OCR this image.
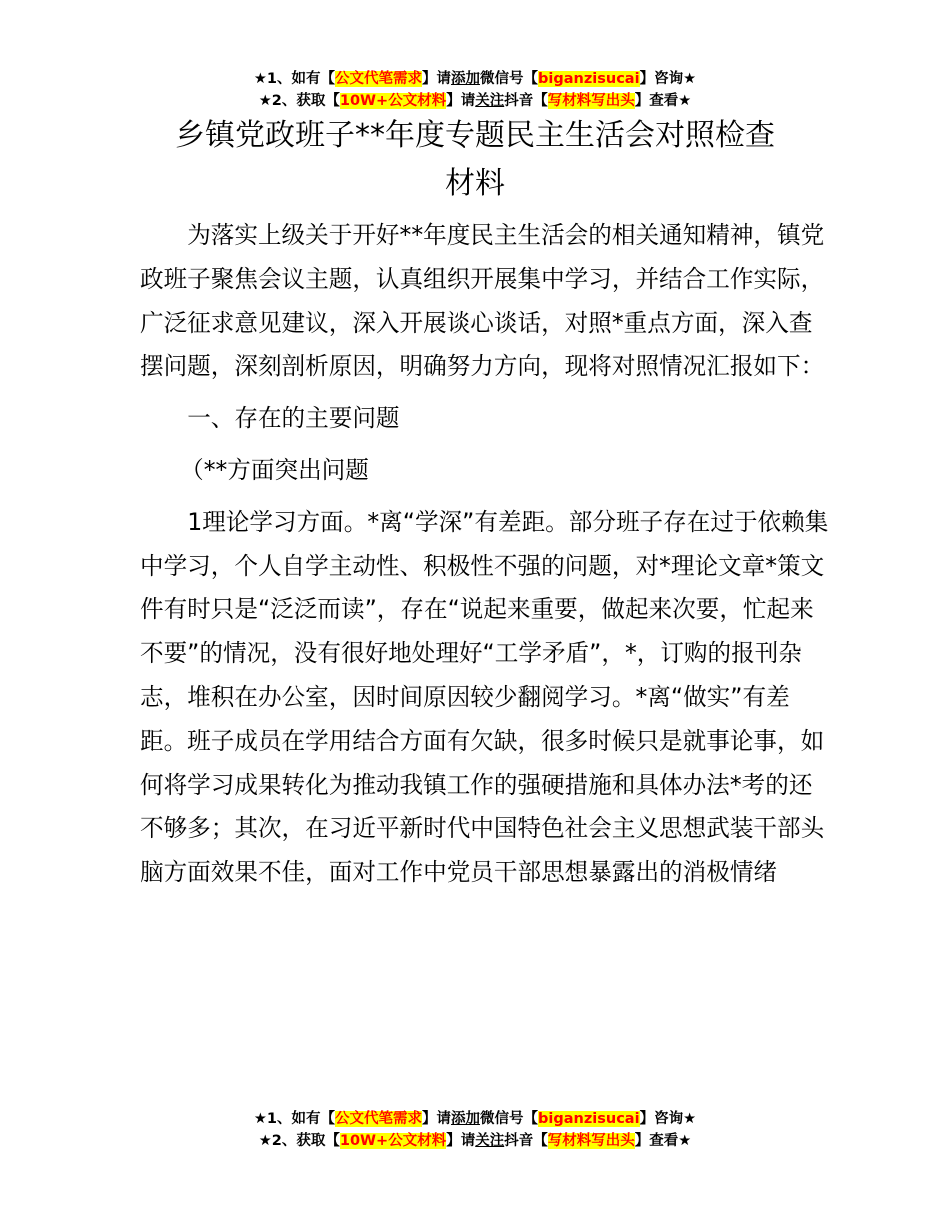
★1、如有【公文代笔需求】请添加微信号【biganzisucai】咨询★
★2、获取【10W+公文材料】请关注抖音【写材料写出头】查看★
乡镇党政班子**年度专题民主生活会对照检查
材料

为落实上级关于开好**年度民主生活会的相关通知精神，镇党政班子聚焦会议主题，认真组织开展集中学习，并结合工作实际，广泛征求意见建议，深入开展谈心谈话，对照*重点方面，深入查摆问题，深刻剖析原因，明确努力方向，现将对照情况汇报如下：

一、存在的主要问题

（**方面突出问题

1理论学习方面。*离“学深”有差距。部分班子存在过于依赖集中学习，个人自学主动性、积极性不强的问题，对*理论文章*策文件有时只是“泛泛而读”，存在“说起来重要，做起来次要，忙起来不要”的情况，没有很好地处理好“工学矛盾”，*，订购的报刊杂志，堆积在办公室，因时间原因较少翻阅学习。*离“做实”有差距。班子成员在学用结合方面有欠缺，很多时候只是就事论事，如何将学习成果转化为推动我镇工作的强硬措施和具体办法*考的还不够多；其次，在习近平新时代中国特色社会主义思想武装干部头脑方面效果不佳，面对工作中党员干部思想暴露出的消极情绪

★1、如有【公文代笔需求】请添加微信号【biganzisucai】咨询★
★2、获取【10W+公文材料】请关注抖音【写材料写出头】查看★
